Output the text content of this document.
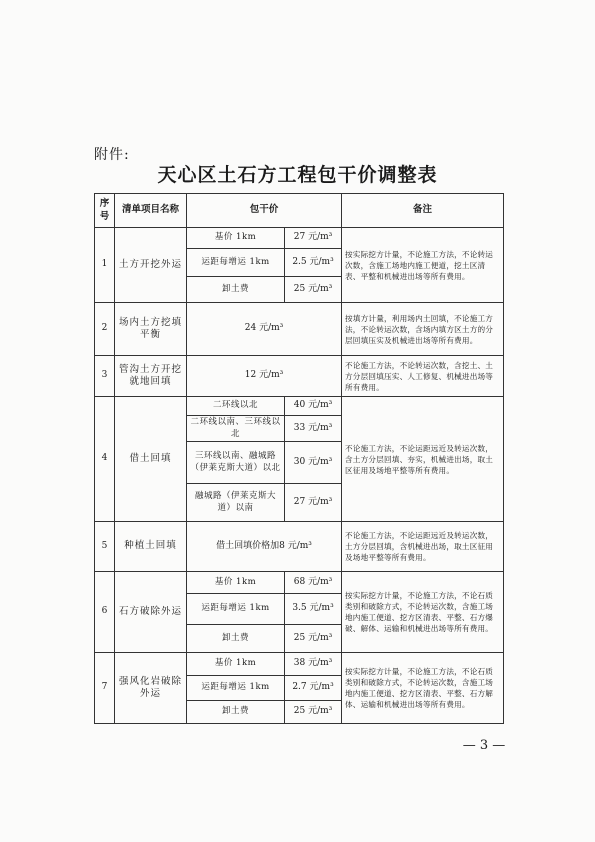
附件:
天心区土石方工程包干价调整表
序号	清单项目名称	包干价		备注
1	土方开挖外运	基价 1km	27 元/m³	按实际挖方计量，不论施工方法，不论转运次数，含施工场地内施工便道，挖土区清表、平整和机械进出场等所有费用。
		运距每增运 1km	2.5 元/m³	
		卸土费	25 元/m³	
2	场内土方挖填平衡	24 元/m³		按填方计量，利用场内土回填，不论施工方法，不论转运次数，含场内填方区土方的分层回填压实及机械进出场等所有费用。
3	管沟土方开挖就地回填	12 元/m³		不论施工方法，不论转运次数，含挖土、土方分层回填压实、人工修复、机械进出场等所有费用。
4	借土回填	二环线以北	40 元/m³	不论施工方法，不论运距远近及转运次数，含土方分层回填、夯实，机械进出场，取土区征用及场地平整等所有费用。
		二环线以南、三环线以北	33 元/m³	
		三环线以南、融城路（伊莱克斯大道）以北	30 元/m³	
		融城路（伊莱克斯大道）以南	27 元/m³	
5	种植土回填	借土回填价格加8 元/m³		不论施工方法，不论运距远近及转运次数，土方分层回填，含机械进出场，取土区征用及场地平整等所有费用。
6	石方破除外运	基价 1km	68 元/m³	按实际挖方计量，不论施工方法，不论石质类别和破除方式，不论转运次数，含施工场地内施工便道、挖方区清表、平整、石方爆破、解体、运输和机械进出场等所有费用。
		运距每增运 1km	3.5 元/m³	
		卸土费	25 元/m³	
7	强风化岩破除外运	基价 1km	38 元/m³	按实际挖方计量，不论施工方法，不论石质类别和破除方式，不论转运次数，含施工场地内施工便道、挖方区清表、平整、石方解体、运输和机械进出场等所有费用。
		运距每增运 1km	2.7 元/m³	
		卸土费	25 元/m³	
— 3 —
